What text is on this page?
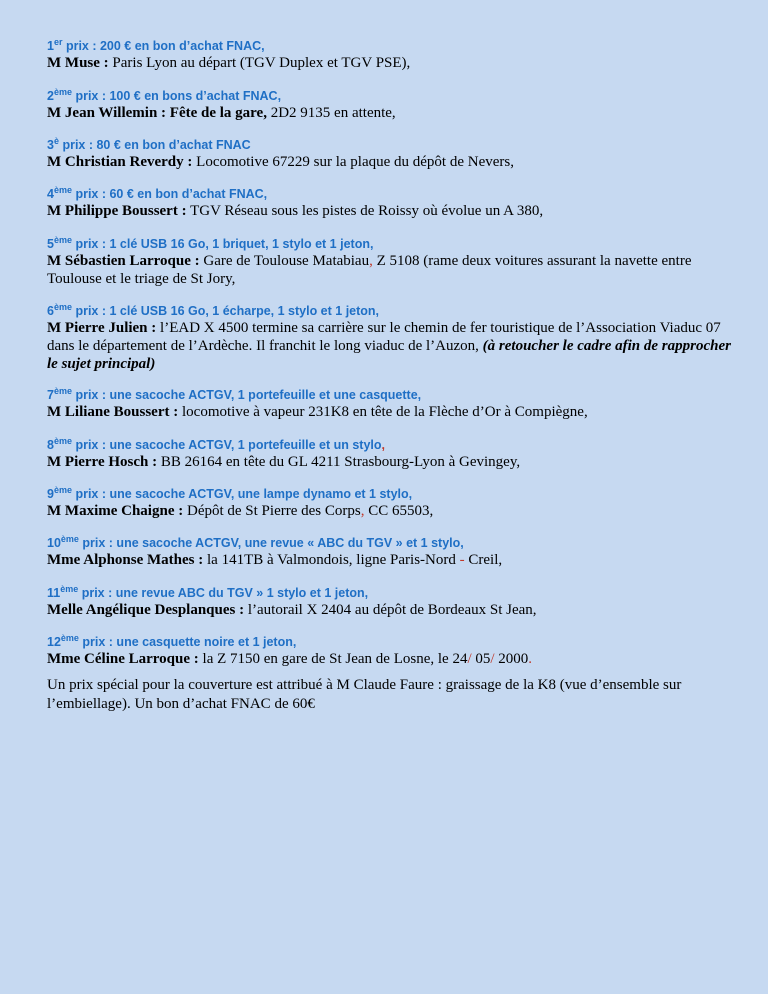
1er prix : 200 € en bon d’achat FNAC,

M Muse : Paris Lyon au départ (TGV Duplex et TGV PSE),

2ème prix : 100 € en bons d’achat FNAC,

M Jean Willemin : Fête de la gare, 2D2 9135 en attente,

$3^è$ prix : 80 € en bon d’achat FNAC

M Christian Reverdy : Locomotive 67229 sur la plaque du dépôt de Nevers,

4ème prix : 60 € en bon d’achat FNAC,

M Philippe Boussert : TGV Réseau sous les pistes de Roissy où évolue un A 380,

5ème prix : 1 clé USB 16 Go, 1 briquet, 1 stylo et 1 jeton,

M Sébastien Larroque : Gare de Toulouse Matabiau, Z 5108 (rame deux voitures assurant la navette entre Toulouse et le triage de St Jory,

6ème prix : 1 clé USB 16 Go, 1 écharpe, 1 stylo et 1 jeton,

M Pierre Julien : l’EAD X 4500 termine sa carrière sur le chemin de fer touristique de l’Association Viaduc 07 dans le département de l’Ardèche. Il franchit le long viaduc de l’Auzon, (à retoucher le cadre afin de rapprocher le sujet principal)

7ème prix : une sacoche ACTGV, 1 portefeuille et une casquette,

M Liliane Boussert : locomotive à vapeur 231K8 en tête de la Flèche d’Or à Compiègne,

8ème prix : une sacoche ACTGV, 1 portefeuille et un stylo,

M Pierre Hosch : BB 26164 en tête du GL 4211 Strasbourg-Lyon à Gevingey,

9ème prix : une sacoche ACTGV, une lampe dynamo et 1 stylo,

M Maxime Chaigne : Dépôt de St Pierre des Corps, CC 65503,

10ème prix : une sacoche ACTGV, une revue « ABC du TGV » et 1 stylo,

Mme Alphonse Mathes : la 141TB à Valmondois, ligne Paris-Nord - Creil,

11ème prix : une revue ABC du TGV » 1 stylo et 1 jeton,

Melle Angélique Desplanques : l’autorail X 2404 au dépôt de Bordeaux St Jean,

12ème prix : une casquette noire et 1 jeton,

Mme Céline Larroque : la Z 7150 en gare de St Jean de Losne, le 24/ 05/ 2000.

Un prix spécial pour la couverture est attribué à M Claude Faure : graissage de la K8 (vue d’ensemble sur l’embiellage). Un bon d’achat FNAC de 60€
